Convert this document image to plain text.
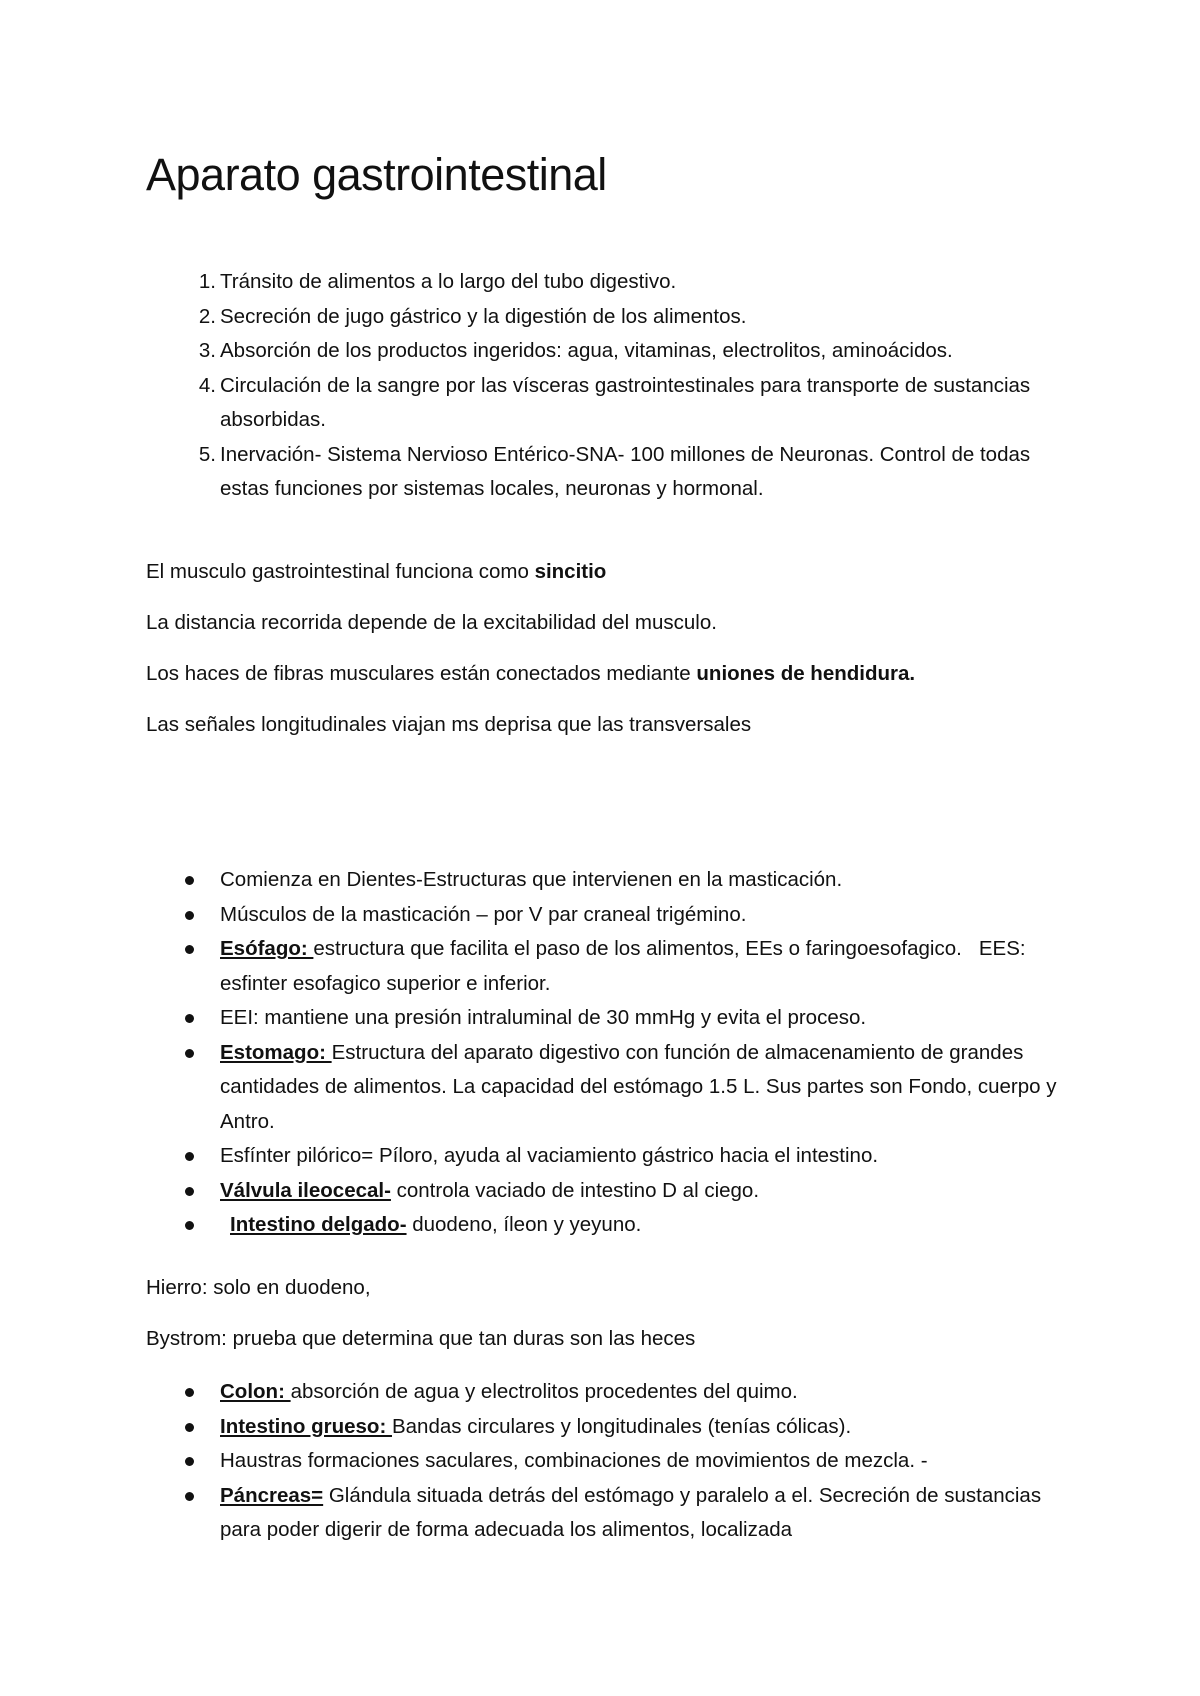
Aparato gastrointestinal
1. Tránsito de alimentos a lo largo del tubo digestivo.
2. Secreción de jugo gástrico y la digestión de los alimentos.
3. Absorción de los productos ingeridos: agua, vitaminas, electrolitos, aminoácidos.
4. Circulación de la sangre por las vísceras gastrointestinales para transporte de sustancias absorbidas.
5. Inervación- Sistema Nervioso Entérico-SNA- 100 millones de Neuronas. Control de todas estas funciones por sistemas locales, neuronas y hormonal.

El musculo gastrointestinal funciona como sincitio

La distancia recorrida depende de la excitabilidad del musculo.

Los haces de fibras musculares están conectados mediante uniones de hendidura.

Las señales longitudinales viajan ms deprisa que las transversales

Comienza en Dientes-Estructuras que intervienen en la masticación.
Músculos de la masticación – por V par craneal trigémino.
Esófago: estructura que facilita el paso de los alimentos, EEs o faringoesofagico.   EES: esfinter esofagico superior e inferior.
EEI: mantiene una presión intraluminal de 30 mmHg y evita el proceso.
Estomago: Estructura del aparato digestivo con función de almacenamiento de grandes cantidades de alimentos. La capacidad del estómago 1.5 L. Sus partes son Fondo, cuerpo y Antro.
Esfínter pilórico= Píloro, ayuda al vaciamiento gástrico hacia el intestino.
Válvula ileocecal- controla vaciado de intestino D al ciego.
Intestino delgado- duodeno, íleon y yeyuno.

Hierro: solo en duodeno,

Bystrom: prueba que determina que tan duras son las heces

Colon: absorción de agua y electrolitos procedentes del quimo.
Intestino grueso: Bandas circulares y longitudinales (tenías cólicas).
Haustras formaciones saculares, combinaciones de movimientos de mezcla. -
Páncreas= Glándula situada detrás del estómago y paralelo a el. Secreción de sustancias para poder digerir de forma adecuada los alimentos, localizada
